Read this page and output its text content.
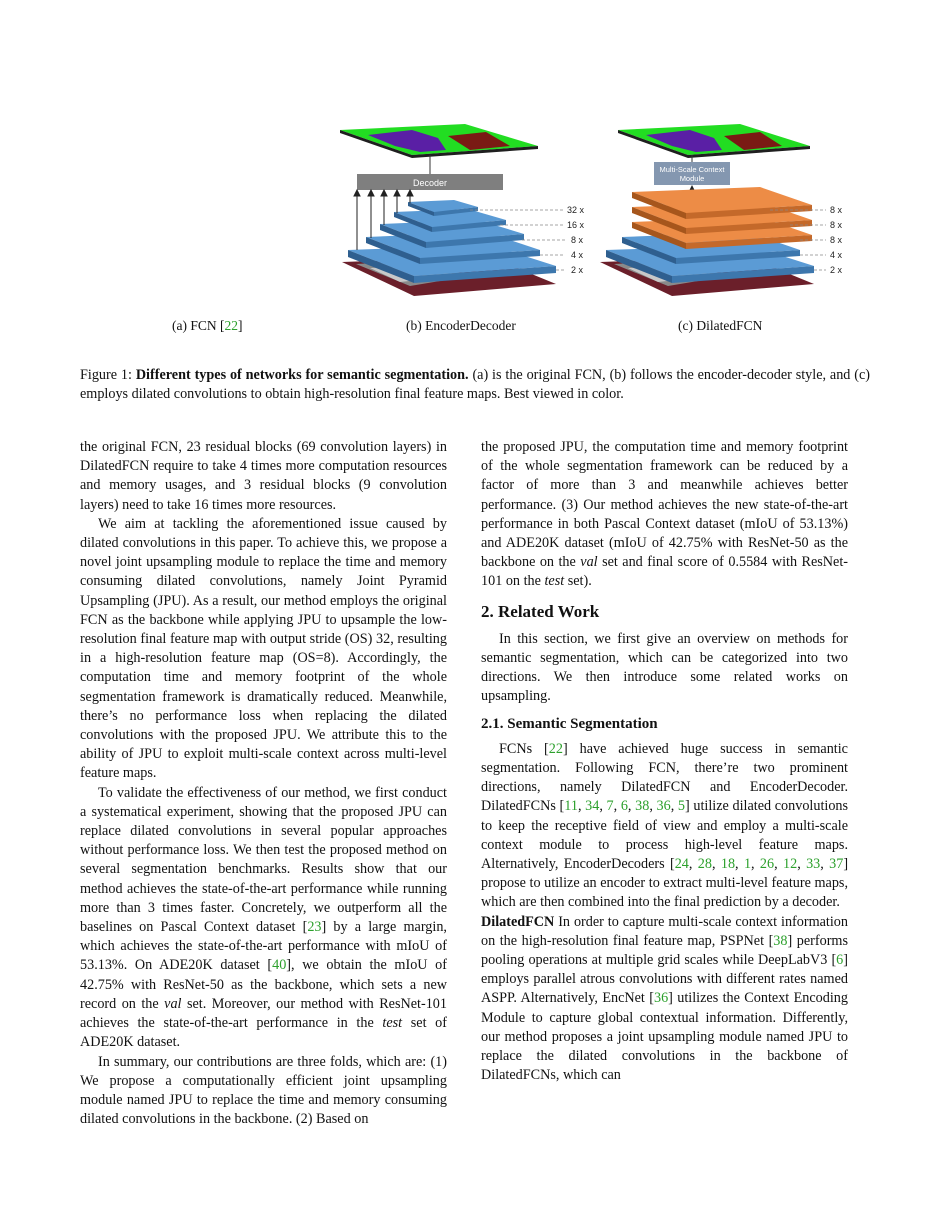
Decoder
32 x
16 x
8 x
4 x
2 x
Multi-Scale Context
Module
8 x
8 x
8 x
4 x
2 x
(a) FCN [22]	(b) EncoderDecoder	(c) DilatedFCN
Figure 1: Different types of networks for semantic segmentation. (a) is the original FCN, (b) follows the encoder-decoder style, and (c) employs dilated convolutions to obtain high-resolution final feature maps. Best viewed in color.

the original FCN, 23 residual blocks (69 convolution layers) in DilatedFCN require to take 4 times more computation resources and memory usages, and 3 residual blocks (9 convolution layers) need to take 16 times more resources.

We aim at tackling the aforementioned issue caused by dilated convolutions in this paper. To achieve this, we propose a novel joint upsampling module to replace the time and memory consuming dilated convolutions, namely Joint Pyramid Upsampling (JPU). As a result, our method employs the original FCN as the backbone while applying JPU to upsample the low-resolution final feature map with output stride (OS) 32, resulting in a high-resolution feature map (OS=8). Accordingly, the computation time and memory footprint of the whole segmentation framework is dramatically reduced. Meanwhile, there’s no performance loss when replacing the dilated convolutions with the proposed JPU. We attribute this to the ability of JPU to exploit multi-scale context across multi-level feature maps.

To validate the effectiveness of our method, we first conduct a systematical experiment, showing that the proposed JPU can replace dilated convolutions in several popular approaches without performance loss. We then test the proposed method on several segmentation benchmarks. Results show that our method achieves the state-of-the-art performance while running more than 3 times faster. Concretely, we outperform all the baselines on Pascal Context dataset [23] by a large margin, which achieves the state-of-the-art performance with mIoU of 53.13%. On ADE20K dataset [40], we obtain the mIoU of 42.75% with ResNet-50 as the backbone, which sets a new record on the val set. Moreover, our method with ResNet-101 achieves the state-of-the-art performance in the test set of ADE20K dataset.

In summary, our contributions are three folds, which are: (1) We propose a computationally efficient joint upsampling module named JPU to replace the time and memory consuming dilated convolutions in the backbone. (2) Based on

the proposed JPU, the computation time and memory footprint of the whole segmentation framework can be reduced by a factor of more than 3 and meanwhile achieves better performance. (3) Our method achieves the new state-of-the-art performance in both Pascal Context dataset (mIoU of 53.13%) and ADE20K dataset (mIoU of 42.75% with ResNet-50 as the backbone on the val set and final score of 0.5584 with ResNet-101 on the test set).

2. Related Work

In this section, we first give an overview on methods for semantic segmentation, which can be categorized into two directions. We then introduce some related works on upsampling.

2.1. Semantic Segmentation

FCNs [22] have achieved huge success in semantic segmentation. Following FCN, there’re two prominent directions, namely DilatedFCN and EncoderDecoder. DilatedFCNs [11, 34, 7, 6, 38, 36, 5] utilize dilated convolutions to keep the receptive field of view and employ a multi-scale context module to process high-level feature maps. Alternatively, EncoderDecoders [24, 28, 18, 1, 26, 12, 33, 37] propose to utilize an encoder to extract multi-level feature maps, which are then combined into the final prediction by a decoder.

DilatedFCN In order to capture multi-scale context information on the high-resolution final feature map, PSPNet [38] performs pooling operations at multiple grid scales while DeepLabV3 [6] employs parallel atrous convolutions with different rates named ASPP. Alternatively, EncNet [36] utilizes the Context Encoding Module to capture global contextual information. Differently, our method proposes a joint upsampling module named JPU to replace the dilated convolutions in the backbone of DilatedFCNs, which can
